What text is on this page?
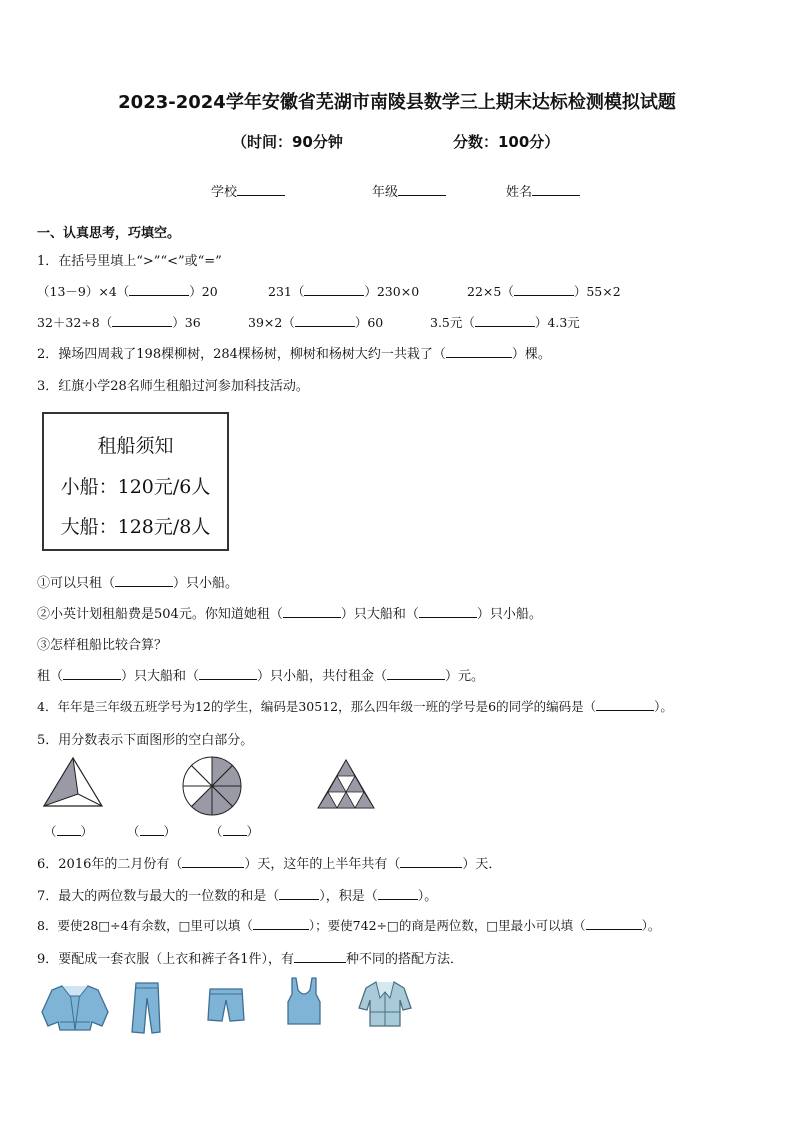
2023-2024学年安徽省芜湖市南陵县数学三上期末达标检测模拟试题
（时间：90分钟	分数：100分）
学校	年级	姓名
一、认真思考，巧填空。
1．在括号里填上“>”“<”或“=”
（13－9）×4（	）20	231（	）230×0	22×5（	）55×2
32＋32÷8（	）36	39×2（	）60	3.5元（	）4.3元
2．操场四周栽了198棵柳树，284棵杨树，柳树和杨树大约一共栽了（	）棵。
3．红旗小学28名师生租船过河参加科技活动。
租船须知
小船：120元/6人
大船：128元/8人
①可以只租（	）只小船。
②小英计划租船费是504元。你知道她租（	）只大船和（	）只小船。
③怎样租船比较合算？
租（	）只大船和（	）只小船，共付租金（	）元。
4．年年是三年级五班学号为12的学生，编码是30512，那么四年级一班的学号是6的同学的编码是（	）。
5．用分数表示下面图形的空白部分。
（ ）	（ ）	（ ）
6．2016年的二月份有（	）天，这年的上半年共有（	）天．
7．最大的两位数与最大的一位数的和是（	），积是（	）。
8．要使28□÷4有余数，□里可以填（	）；要使742÷□的商是两位数，□里最小可以填（	）。
9．要配成一套衣服（上衣和裤子各1件），有	种不同的搭配方法．
